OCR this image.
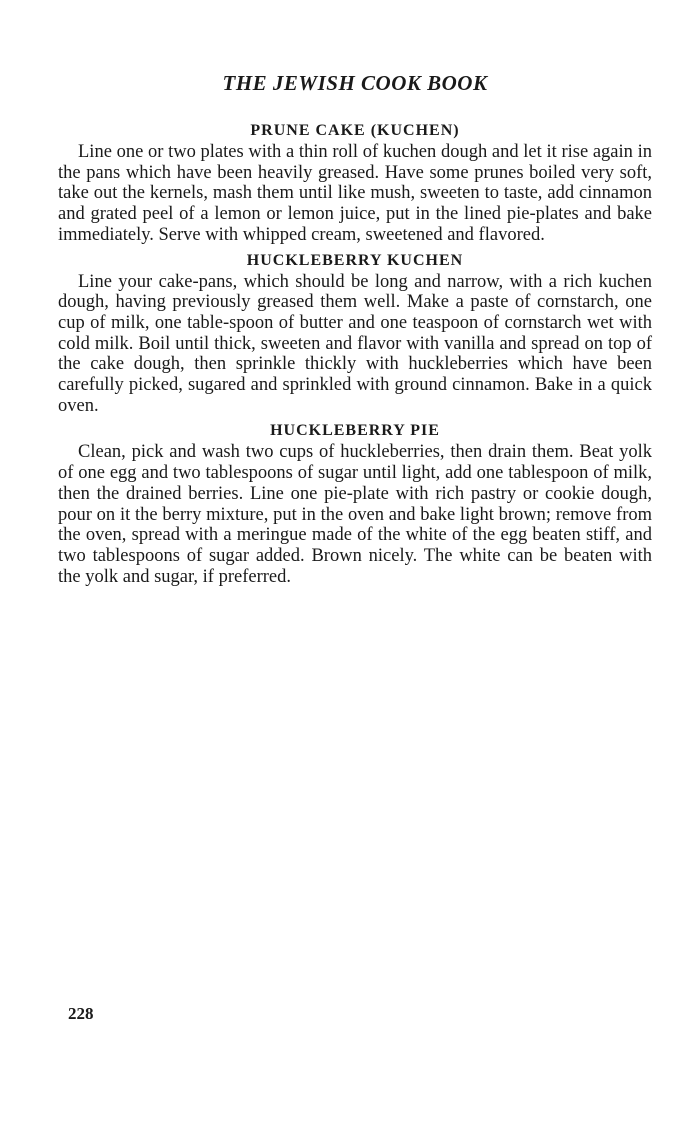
THE JEWISH COOK BOOK
PRUNE CAKE (KUCHEN)

Line one or two plates with a thin roll of kuchen dough and let it rise again in the pans which have been heavily greased. Have some prunes boiled very soft, take out the kernels, mash them until like mush, sweeten to taste, add cinnamon and grated peel of a lemon or lemon juice, put in the lined pie-plates and bake immediately. Serve with whipped cream, sweetened and flavored.

HUCKLEBERRY KUCHEN

Line your cake-pans, which should be long and narrow, with a rich kuchen dough, having previously greased them well. Make a paste of cornstarch, one cup of milk, one table-spoon of butter and one teaspoon of cornstarch wet with cold milk. Boil until thick, sweeten and flavor with vanilla and spread on top of the cake dough, then sprinkle thickly with huckleberries which have been carefully picked, sugared and sprinkled with ground cinnamon. Bake in a quick oven.

HUCKLEBERRY PIE

Clean, pick and wash two cups of huckleberries, then drain them. Beat yolk of one egg and two tablespoons of sugar until light, add one tablespoon of milk, then the drained berries. Line one pie-plate with rich pastry or cookie dough, pour on it the berry mixture, put in the oven and bake light brown; remove from the oven, spread with a meringue made of the white of the egg beaten stiff, and two tablespoons of sugar added. Brown nicely. The white can be beaten with the yolk and sugar, if preferred.

228
